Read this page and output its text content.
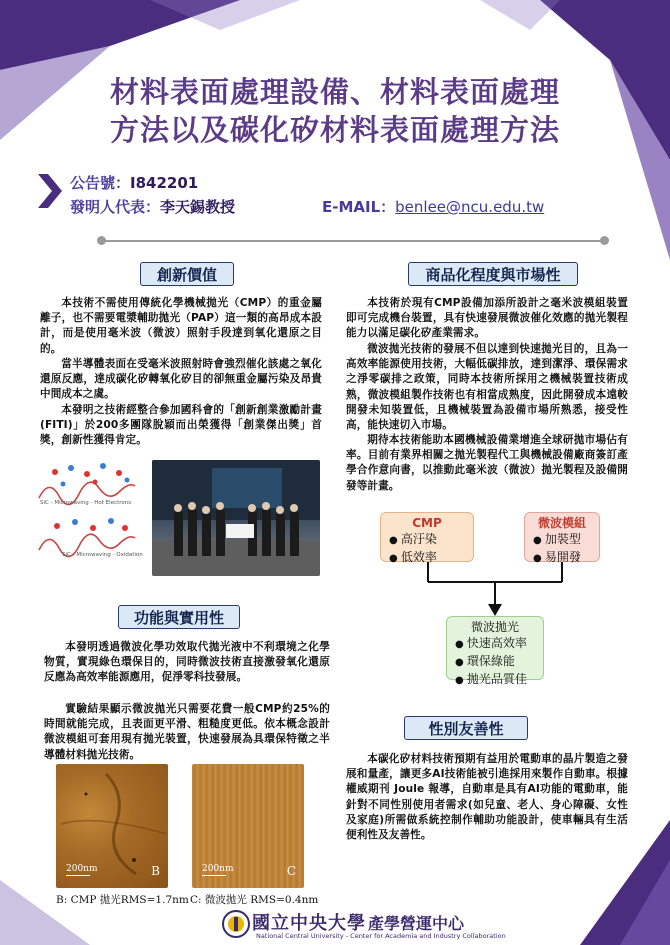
材料表面處理設備、材料表面處理
方法以及碳化矽材料表面處理方法
公告號：I842201
發明人代表：李天錫教授	E-MAIL：benlee@ncu.edu.tw
創新價值

本技術不需使用傳統化學機械拋光（CMP）的重金屬離子，也不需要電漿輔助拋光（PAP）這一類的高昂成本設計，而是使用毫米波（微波）照射手段達到氧化還原之目的。

當半導體表面在受毫米波照射時會強烈催化該處之氧化還原反應，達成碳化矽轉氧化矽目的卻無重金屬污染及昂貴中間成本之虞。

本發明之技術經整合參加國科會的「創新創業激勵計畫(FITI)」於200多團隊脫穎而出榮獲得「創業傑出獎」首獎，創新性獲得肯定。

SiC - Microwaving - Hot Electrons
SiC - Microwaving - Oxidation
功能與實用性

本發明透過微波化學功效取代拋光液中不利環境之化學物質，實現綠色環保目的，同時微波技術直接激發氧化還原反應為高效率能源應用，促淨零科技發展。

實驗結果顯示微波拋光只需要花費一般CMP約25%的時間就能完成，且表面更平滑、粗糙度更低。依本概念設計微波模組可套用現有拋光裝置，快速發展為具環保特徵之半導體材料拋光技術。

200nm	B	200nm	C
B: CMP 拋光RMS=1.7nm C: 微波拋光 RMS=0.4nm
商品化程度與市場性

本技術於現有CMP設備加添所設計之毫米波模組裝置即可完成機台裝置，具有快速發展微波催化效應的拋光製程能力以滿足碳化矽產業需求。

微波拋光技術的發展不但以達到快速拋光目的，且為一高效率能源使用技術，大幅低碳排放，達到潔淨、環保需求之淨零碳排之政策，同時本技術所採用之機械裝置技術成熟，微波模組製作技術也有相當成熟度，因此開發成本遠較開發未知裝置低，且機械裝置為設備市場所熟悉，接受性高，能快速切入市場。

期待本技術能助本國機械設備業增進全球研拋市場佔有率。目前有業界相關之拋光製程代工與機械設備廠商簽訂產學合作意向書，以推動此毫米波（微波）拋光製程及設備開發等計畫。

CMP
● 高汙染
● 低效率
微波模組
● 加裝型
● 易開發
微波拋光
● 快速高效率
● 環保綠能
● 拋光品質佳
性別友善性

本碳化矽材料技術預期有益用於電動車的晶片製造之發展和量產，讓更多AI技術能被引進採用來製作自動車。根據權威期刊 Joule 報導，自動車是具有AI功能的電動車，能針對不同性別使用者需求(如兒童、老人、身心障礙、女性及家庭)所需做系統控制作輔助功能設計，使車輛具有生活便利性及友善性。

國立中央大學 產學營運中心
National Central University - Center for Academia and Industry Collaboration
